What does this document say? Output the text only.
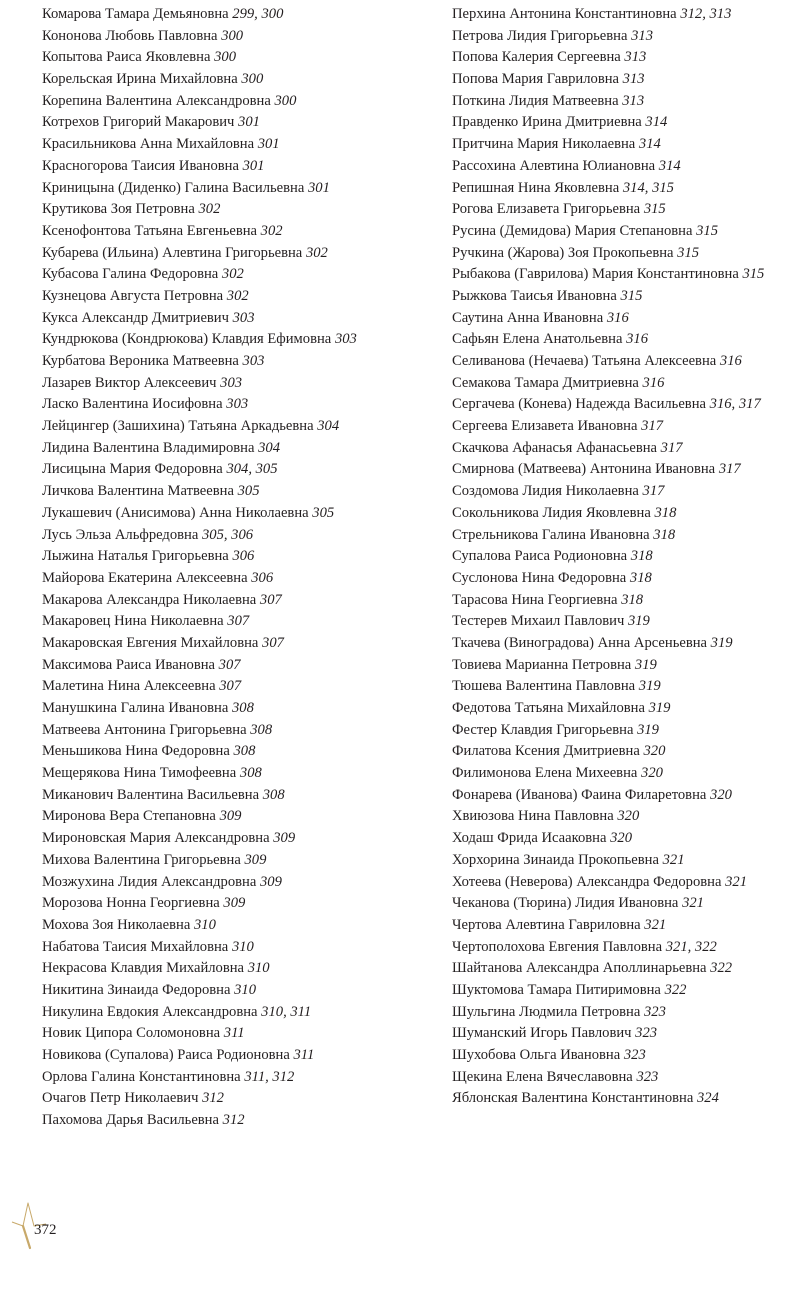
Комарова Тамара Демьяновна 299, 300
Кононова Любовь Павловна 300
Копытова Раиса Яковлевна 300
Корельская Ирина Михайловна 300
Корепина Валентина Александровна 300
Котрехов Григорий Макарович 301
Красильникова Анна Михайловна 301
Красногорова Таисия Ивановна 301
Криницына (Диденко) Галина Васильевна 301
Крутикова Зоя Петровна 302
Ксенофонтова Татьяна Евгеньевна 302
Кубарева (Ильина) Алевтина Григорьевна 302
Кубасова Галина Федоровна 302
Кузнецова Августа Петровна 302
Кукса Александр Дмитриевич 303
Кундрюкова (Кондрюкова) Клавдия Ефимовна 303
Курбатова Вероника Матвеевна 303
Лазарев Виктор Алексеевич 303
Ласко Валентина Иосифовна 303
Лейцингер (Зашихина) Татьяна Аркадьевна 304
Лидина Валентина Владимировна 304
Лисицына Мария Федоровна 304, 305
Личкова Валентина Матвеевна 305
Лукашевич (Анисимова) Анна Николаевна 305
Лусь Эльза Альфредовна 305, 306
Лыжина Наталья Григорьевна 306
Майорова Екатерина Алексеевна 306
Макарова Александра Николаевна 307
Макаровец Нина Николаевна 307
Макаровская Евгения Михайловна 307
Максимова Раиса Ивановна 307
Малетина Нина Алексеевна 307
Манушкина Галина Ивановна 308
Матвеева Антонина Григорьевна 308
Меньшикова Нина Федоровна 308
Мещерякова Нина Тимофеевна 308
Миканович Валентина Васильевна 308
Миронова Вера Степановна 309
Мироновская Мария Александровна 309
Михова Валентина Григорьевна 309
Мозжухина Лидия Александровна 309
Морозова Нонна Георгиевна 309
Мохова Зоя Николаевна 310
Набатова Таисия Михайловна 310
Некрасова Клавдия Михайловна 310
Никитина Зинаида Федоровна 310
Никулина Евдокия Александровна 310, 311
Новик Ципора Соломоновна 311
Новикова (Супалова) Раиса Родионовна 311
Орлова Галина Константиновна 311, 312
Очагов Петр Николаевич 312
Пахомова Дарья Васильевна 312
Перхина Антонина Константиновна 312, 313
Петрова Лидия Григорьевна 313
Попова Калерия Сергеевна 313
Попова Мария Гавриловна 313
Поткина Лидия Матвеевна 313
Правденко Ирина Дмитриевна 314
Притчина Мария Николаевна 314
Рассохина Алевтина Юлиановна 314
Репишная Нина Яковлевна 314, 315
Рогова Елизавета Григорьевна 315
Русина (Демидова) Мария Степановна 315
Ручкина (Жарова) Зоя Прокопьевна 315
Рыбакова (Гаврилова) Мария Константиновна 315
Рыжкова Таисья Ивановна 315
Саутина Анна Ивановна 316
Сафьян Елена Анатольевна 316
Селиванова (Нечаева) Татьяна Алексеевна 316
Семакова Тамара Дмитриевна 316
Сергачева (Конева) Надежда Васильевна 316, 317
Сергеева Елизавета Ивановна 317
Скачкова Афанасья Афанасьевна 317
Смирнова (Матвеева) Антонина Ивановна 317
Создомова Лидия Николаевна 317
Сокольникова Лидия Яковлевна 318
Стрельникова Галина Ивановна 318
Супалова Раиса Родионовна 318
Суслонова Нина Федоровна 318
Тарасова Нина Георгиевна 318
Тестерев Михаил Павлович 319
Ткачева (Виноградова) Анна Арсеньевна 319
Товиева Марианна Петровна 319
Тюшева Валентина Павловна 319
Федотова Татьяна Михайловна 319
Фестер Клавдия Григорьевна 319
Филатова Ксения Дмитриевна 320
Филимонова Елена Михеевна 320
Фонарева (Иванова) Фаина Филаретовна 320
Хвиюзова Нина Павловна 320
Ходаш Фрида Исааковна 320
Хорхорина Зинаида Прокопьевна 321
Хотеева (Неверова) Александра Федоровна 321
Чеканова (Тюрина) Лидия Ивановна 321
Чертова Алевтина Гавриловна 321
Чертополохова Евгения Павловна 321, 322
Шайтанова Александра Аполлинарьевна 322
Шуктомова Тамара Питиримовна 322
Шульгина Людмила Петровна 323
Шуманский Игорь Павлович 323
Шухобова Ольга Ивановна 323
Щекина Елена Вячеславовна 323
Яблонская Валентина Константиновна 324
372
